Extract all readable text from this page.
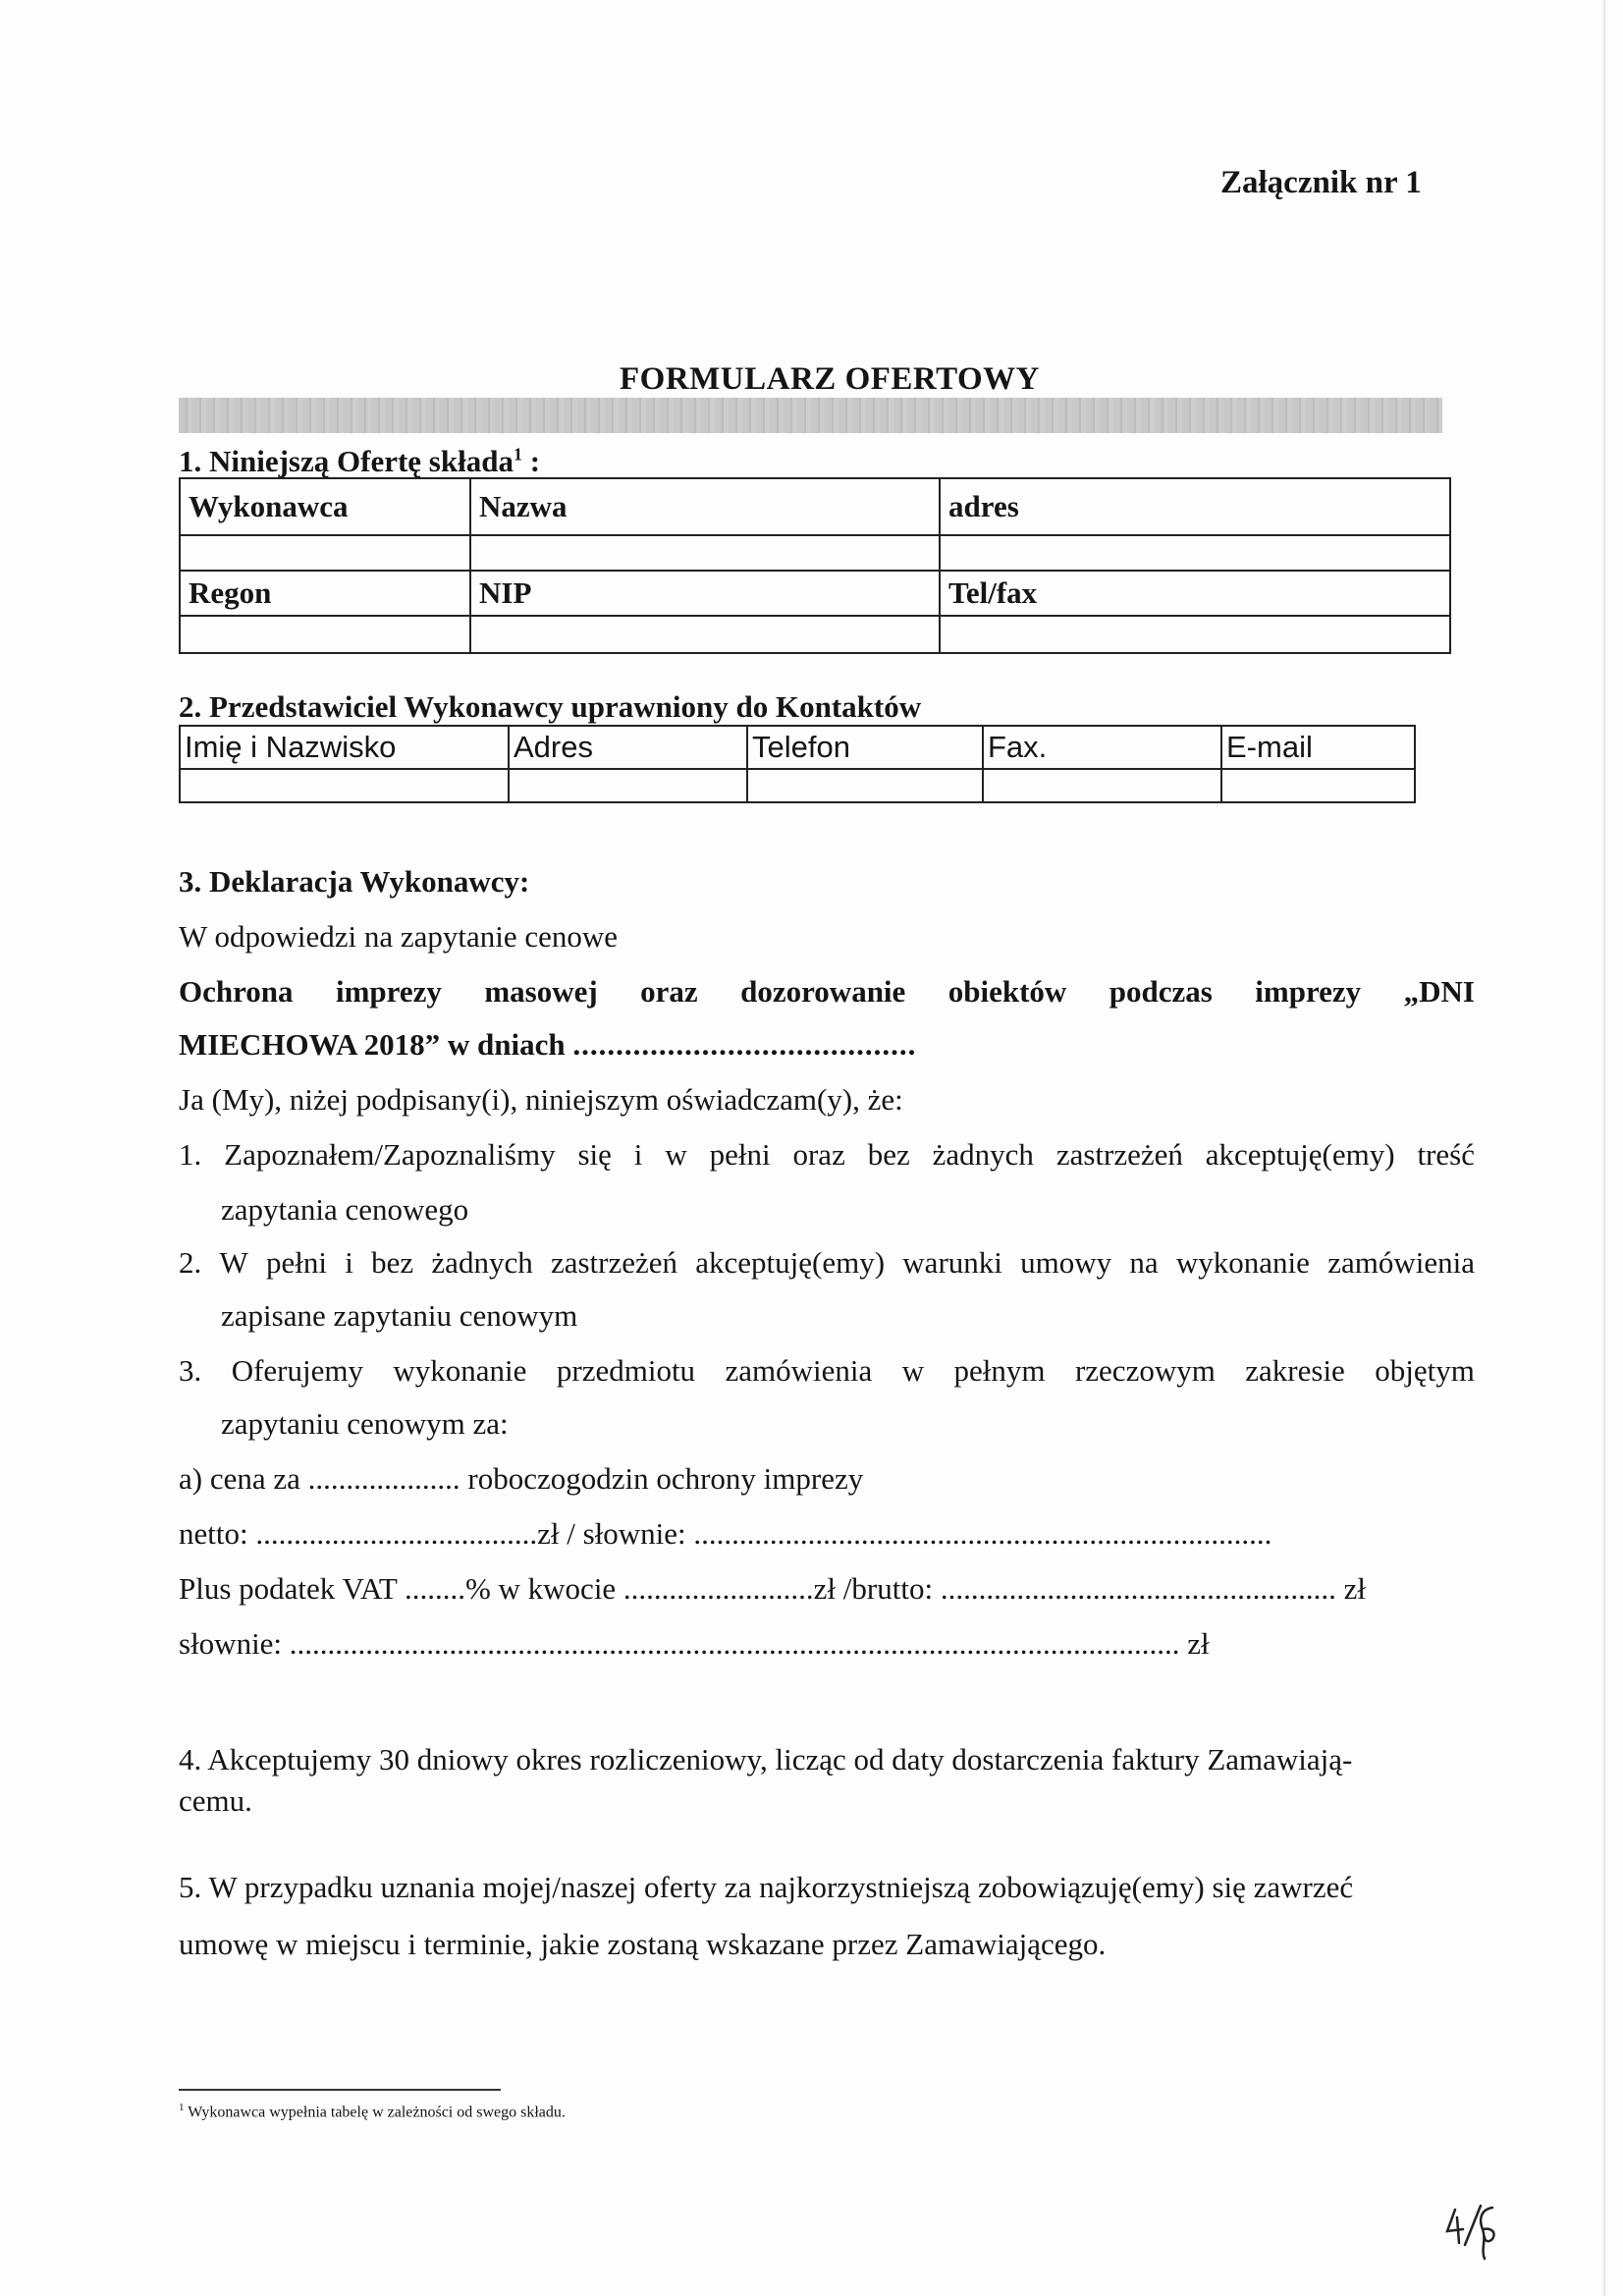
Załącznik nr 1
FORMULARZ OFERTOWY
1. Niniejszą Ofertę składa$^1$ :
Wykonawca	Nazwa	adres

Regon	NIP	Tel/fax

2. Przedstawiciel Wykonawcy uprawniony do Kontaktów
Imię i Nazwisko	Adres	Telefon	Fax.	E-mail

3. Deklaracja Wykonawcy:
W odpowiedzi na zapytanie cenowe
Ochrona imprezy masowej oraz dozorowanie obiektów podczas imprezy „DNI
MIECHOWA 2018” w dniach ........................................
Ja (My), niżej podpisany(i), niniejszym oświadczam(y), że:
1. Zapoznałem/Zapoznaliśmy się i w pełni oraz bez żadnych zastrzeżeń akceptuję(emy) treść
zapytania cenowego
2. W pełni i bez żadnych zastrzeżeń akceptuję(emy) warunki umowy na wykonanie zamówienia
zapisane zapytaniu cenowym
3. Oferujemy wykonanie przedmiotu zamówienia w pełnym rzeczowym zakresie objętym
zapytaniu cenowym za:
a) cena za .................... roboczogodzin ochrony imprezy
netto: .....................................zł / słownie: ............................................................................
Plus podatek VAT ........% w kwocie .........................zł /brutto: .................................................... zł
słownie: ..................................................................................................................... zł
4. Akceptujemy 30 dniowy okres rozliczeniowy, licząc od daty dostarczenia faktury Zamawiają-
cemu.
5. W przypadku uznania mojej/naszej oferty za najkorzystniejszą zobowiązuję(emy) się zawrzeć
umowę w miejscu i terminie, jakie zostaną wskazane przez Zamawiającego.
$^1$ Wykonawca wypełnia tabelę w zależności od swego składu.
